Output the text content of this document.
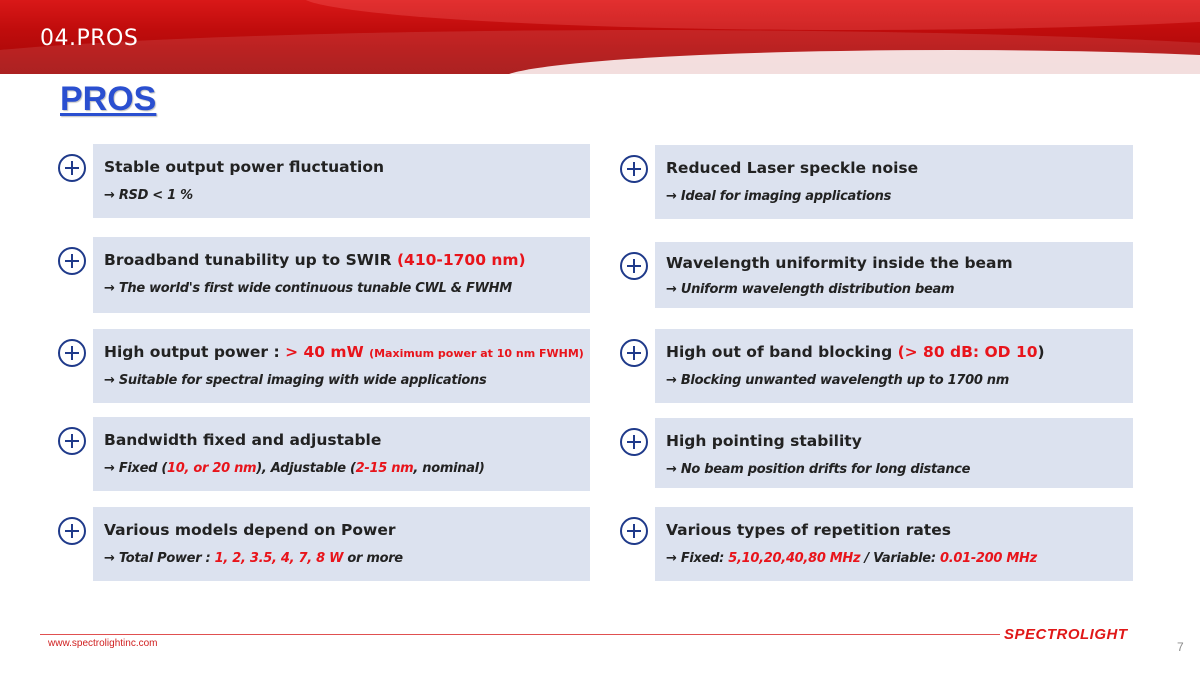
04.PROS
PROS
Stable output power fluctuation
→ RSD < 1 %
Broadband tunability up to SWIR (410-1700 nm)
→ The world's first wide continuous tunable CWL & FWHM
High output power : > 40 mW (Maximum power at 10 nm FWHM)
→ Suitable for spectral imaging with wide applications
Bandwidth fixed and adjustable
→ Fixed (10, or 20 nm), Adjustable (2-15 nm, nominal)
Various models depend on Power
→ Total Power : 1, 2, 3.5, 4, 7, 8 W or more
Reduced Laser speckle noise
→ Ideal for imaging applications
Wavelength uniformity inside the beam
→ Uniform wavelength distribution beam
High out of band blocking (> 80 dB: OD 10)
→ Blocking unwanted wavelength up to 1700 nm
High pointing stability
→ No beam position drifts for long distance
Various types of repetition rates
→ Fixed: 5,10,20,40,80 MHz / Variable: 0.01-200 MHz
www.spectrolightinc.com
SPECTROLIGHT
7
